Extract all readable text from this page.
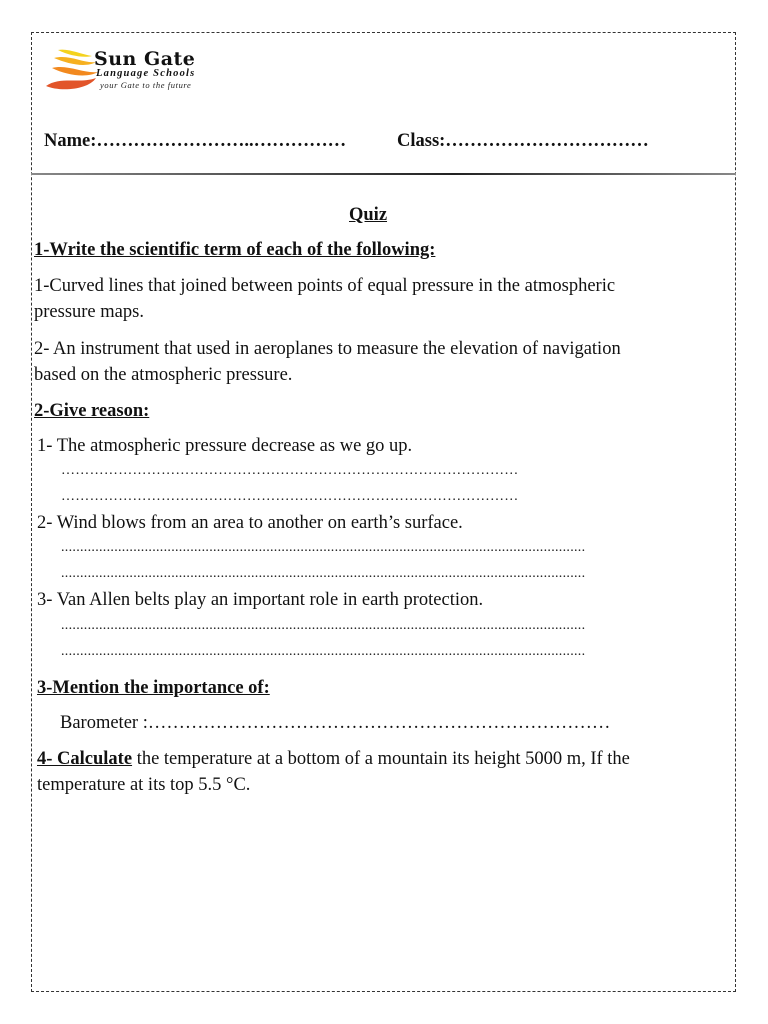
Sun Gate
Language Schools
your Gate to the future
Name:……………………..……………	Class:……………………………
Quiz
1-Write the scientific term of each of the following:
1-Curved lines that joined between points of equal pressure in the atmospheric
pressure maps.
2- An instrument that used in aeroplanes to measure the elevation of navigation
based on the atmospheric pressure.
2-Give reason:
1- The atmospheric pressure decrease as we go up.
……………………………………………………………………………………
……………………………………………………………………………………
2- Wind blows from an area to another on earth’s surface.
..........................................................................................................................................
..........................................................................................................................................
3- Van Allen belts play an important role in earth protection.
..........................................................................................................................................
..........................................................................................................................................
3-Mention the importance of:
Barometer :…………………………………………………………………
4- Calculate the temperature at a bottom of a mountain its height 5000 m, If the
temperature at its top 5.5 °C.
